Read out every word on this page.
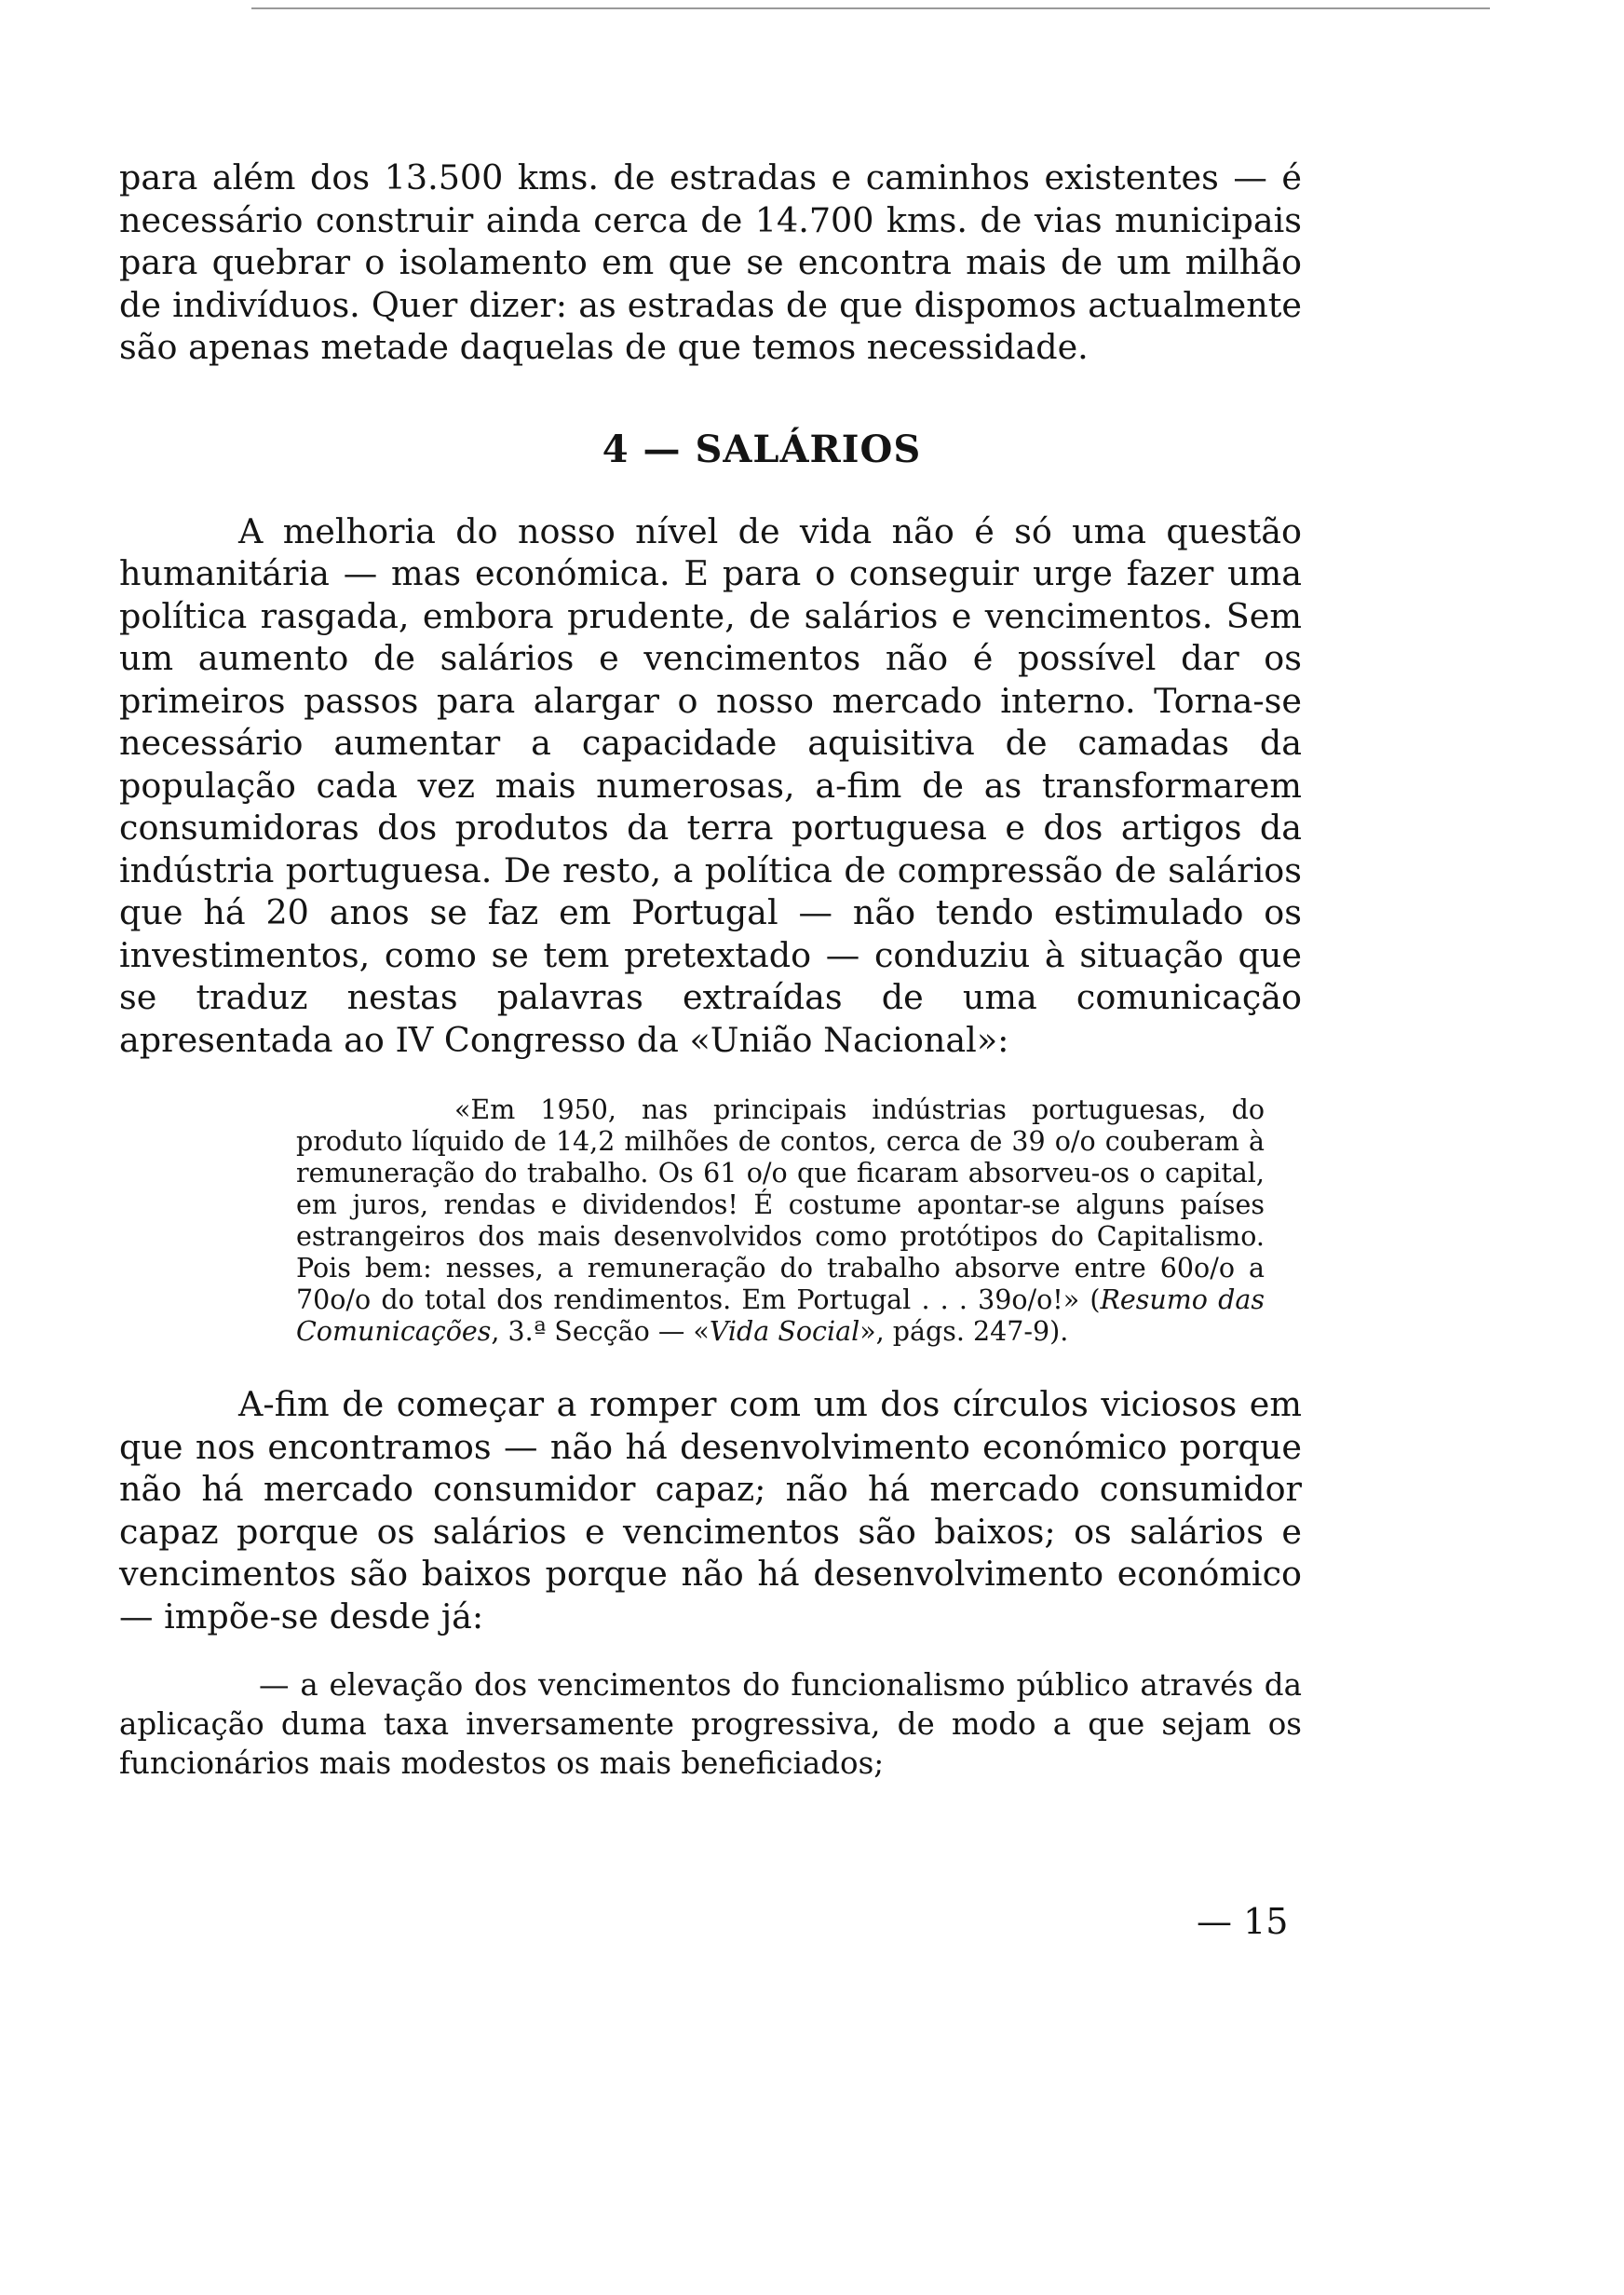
para além dos 13.500 kms. de estradas e caminhos existentes — é necessário construir ainda cerca de 14.700 kms. de vias municipais para quebrar o isolamento em que se encontra mais de um milhão de indivíduos. Quer dizer: as estradas de que dispomos actualmente são apenas metade daquelas de que temos necessidade.

4 — SALÁRIOS

A melhoria do nosso nível de vida não é só uma questão humanitária — mas económica. E para o conseguir urge fazer uma política rasgada, embora prudente, de salários e vencimentos. Sem um aumento de salários e vencimentos não é possível dar os primeiros passos para alargar o nosso mercado interno. Torna-se necessário aumentar a capacidade aquisitiva de camadas da população cada vez mais numerosas, a-fim de as transformarem consumidoras dos produtos da terra portuguesa e dos artigos da indústria portuguesa. De resto, a política de compressão de salários que há 20 anos se faz em Portugal — não tendo estimulado os investimentos, como se tem pretextado — conduziu à situação que se traduz nestas palavras extraídas de uma comunicação apresentada ao IV Congresso da «União Nacional»:

«Em 1950, nas principais indústrias portuguesas, do produto líquido de 14,2 milhões de contos, cerca de 39 o/o couberam à remuneração do trabalho. Os 61 o/o que ficaram absorveu-os o capital, em juros, rendas e dividendos! É costume apontar-se alguns países estrangeiros dos mais desenvolvidos como protótipos do Capitalismo. Pois bem: nesses, a remuneração do trabalho absorve entre 60o/o a 70o/o do total dos rendimentos. Em Portugal . . . 39o/o!» (Resumo das Comunicações, 3.ª Secção — «Vida Social», págs. 247-9).

A-fim de começar a romper com um dos círculos viciosos em que nos encontramos — não há desenvolvimento económico porque não há mercado consumidor capaz; não há mercado consumidor capaz porque os salários e vencimentos são baixos; os salários e vencimentos são baixos porque não há desenvolvimento económico — impõe-se desde já:

— a elevação dos vencimentos do funcionalismo público através da aplicação duma taxa inversamente progressiva, de modo a que sejam os funcionários mais modestos os mais beneficiados;

— 15
